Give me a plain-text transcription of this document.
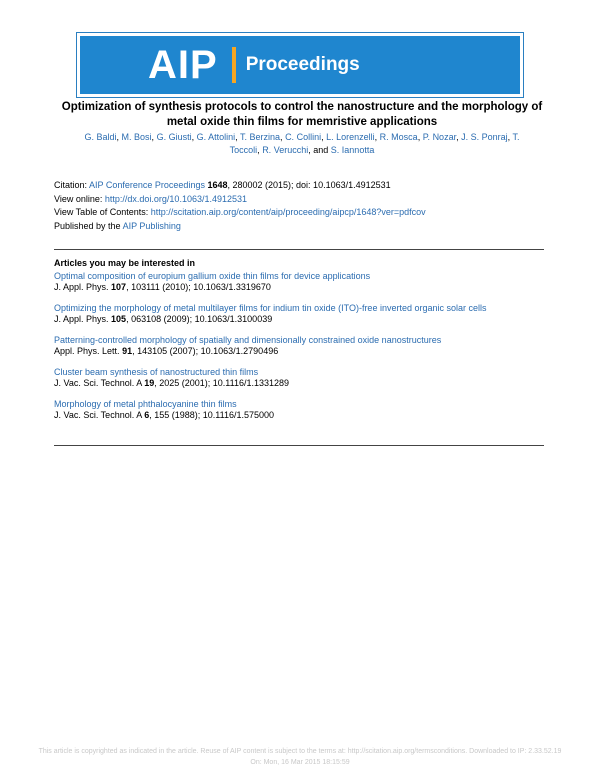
AIP Proceedings
Optimization of synthesis protocols to control the nanostructure and the morphology of metal oxide thin films for memristive applications

G. Baldi, M. Bosi, G. Giusti, G. Attolini, T. Berzina, C. Collini, L. Lorenzelli, R. Mosca, P. Nozar, J. S. Ponraj, T.
Toccoli, R. Verucchi, and S. Iannotta

Citation: AIP Conference Proceedings 1648, 280002 (2015); doi: 10.1063/1.4912531
View online: http://dx.doi.org/10.1063/1.4912531
View Table of Contents: http://scitation.aip.org/content/aip/proceeding/aipcp/1648?ver=pdfcov
Published by the AIP Publishing
Articles you may be interested in
Optimal composition of europium gallium oxide thin films for device applications
J. Appl. Phys. 107, 103111 (2010); 10.1063/1.3319670
Optimizing the morphology of metal multilayer films for indium tin oxide (ITO)-free inverted organic solar cells
J. Appl. Phys. 105, 063108 (2009); 10.1063/1.3100039
Patterning-controlled morphology of spatially and dimensionally constrained oxide nanostructures
Appl. Phys. Lett. 91, 143105 (2007); 10.1063/1.2790496
Cluster beam synthesis of nanostructured thin films
J. Vac. Sci. Technol. A 19, 2025 (2001); 10.1116/1.1331289
Morphology of metal phthalocyanine thin films
J. Vac. Sci. Technol. A 6, 155 (1988); 10.1116/1.575000
This article is copyrighted as indicated in the article. Reuse of AIP content is subject to the terms at: http://scitation.aip.org/termsconditions. Downloaded to IP: 2.33.52.19
On: Mon, 16 Mar 2015 18:15:59
